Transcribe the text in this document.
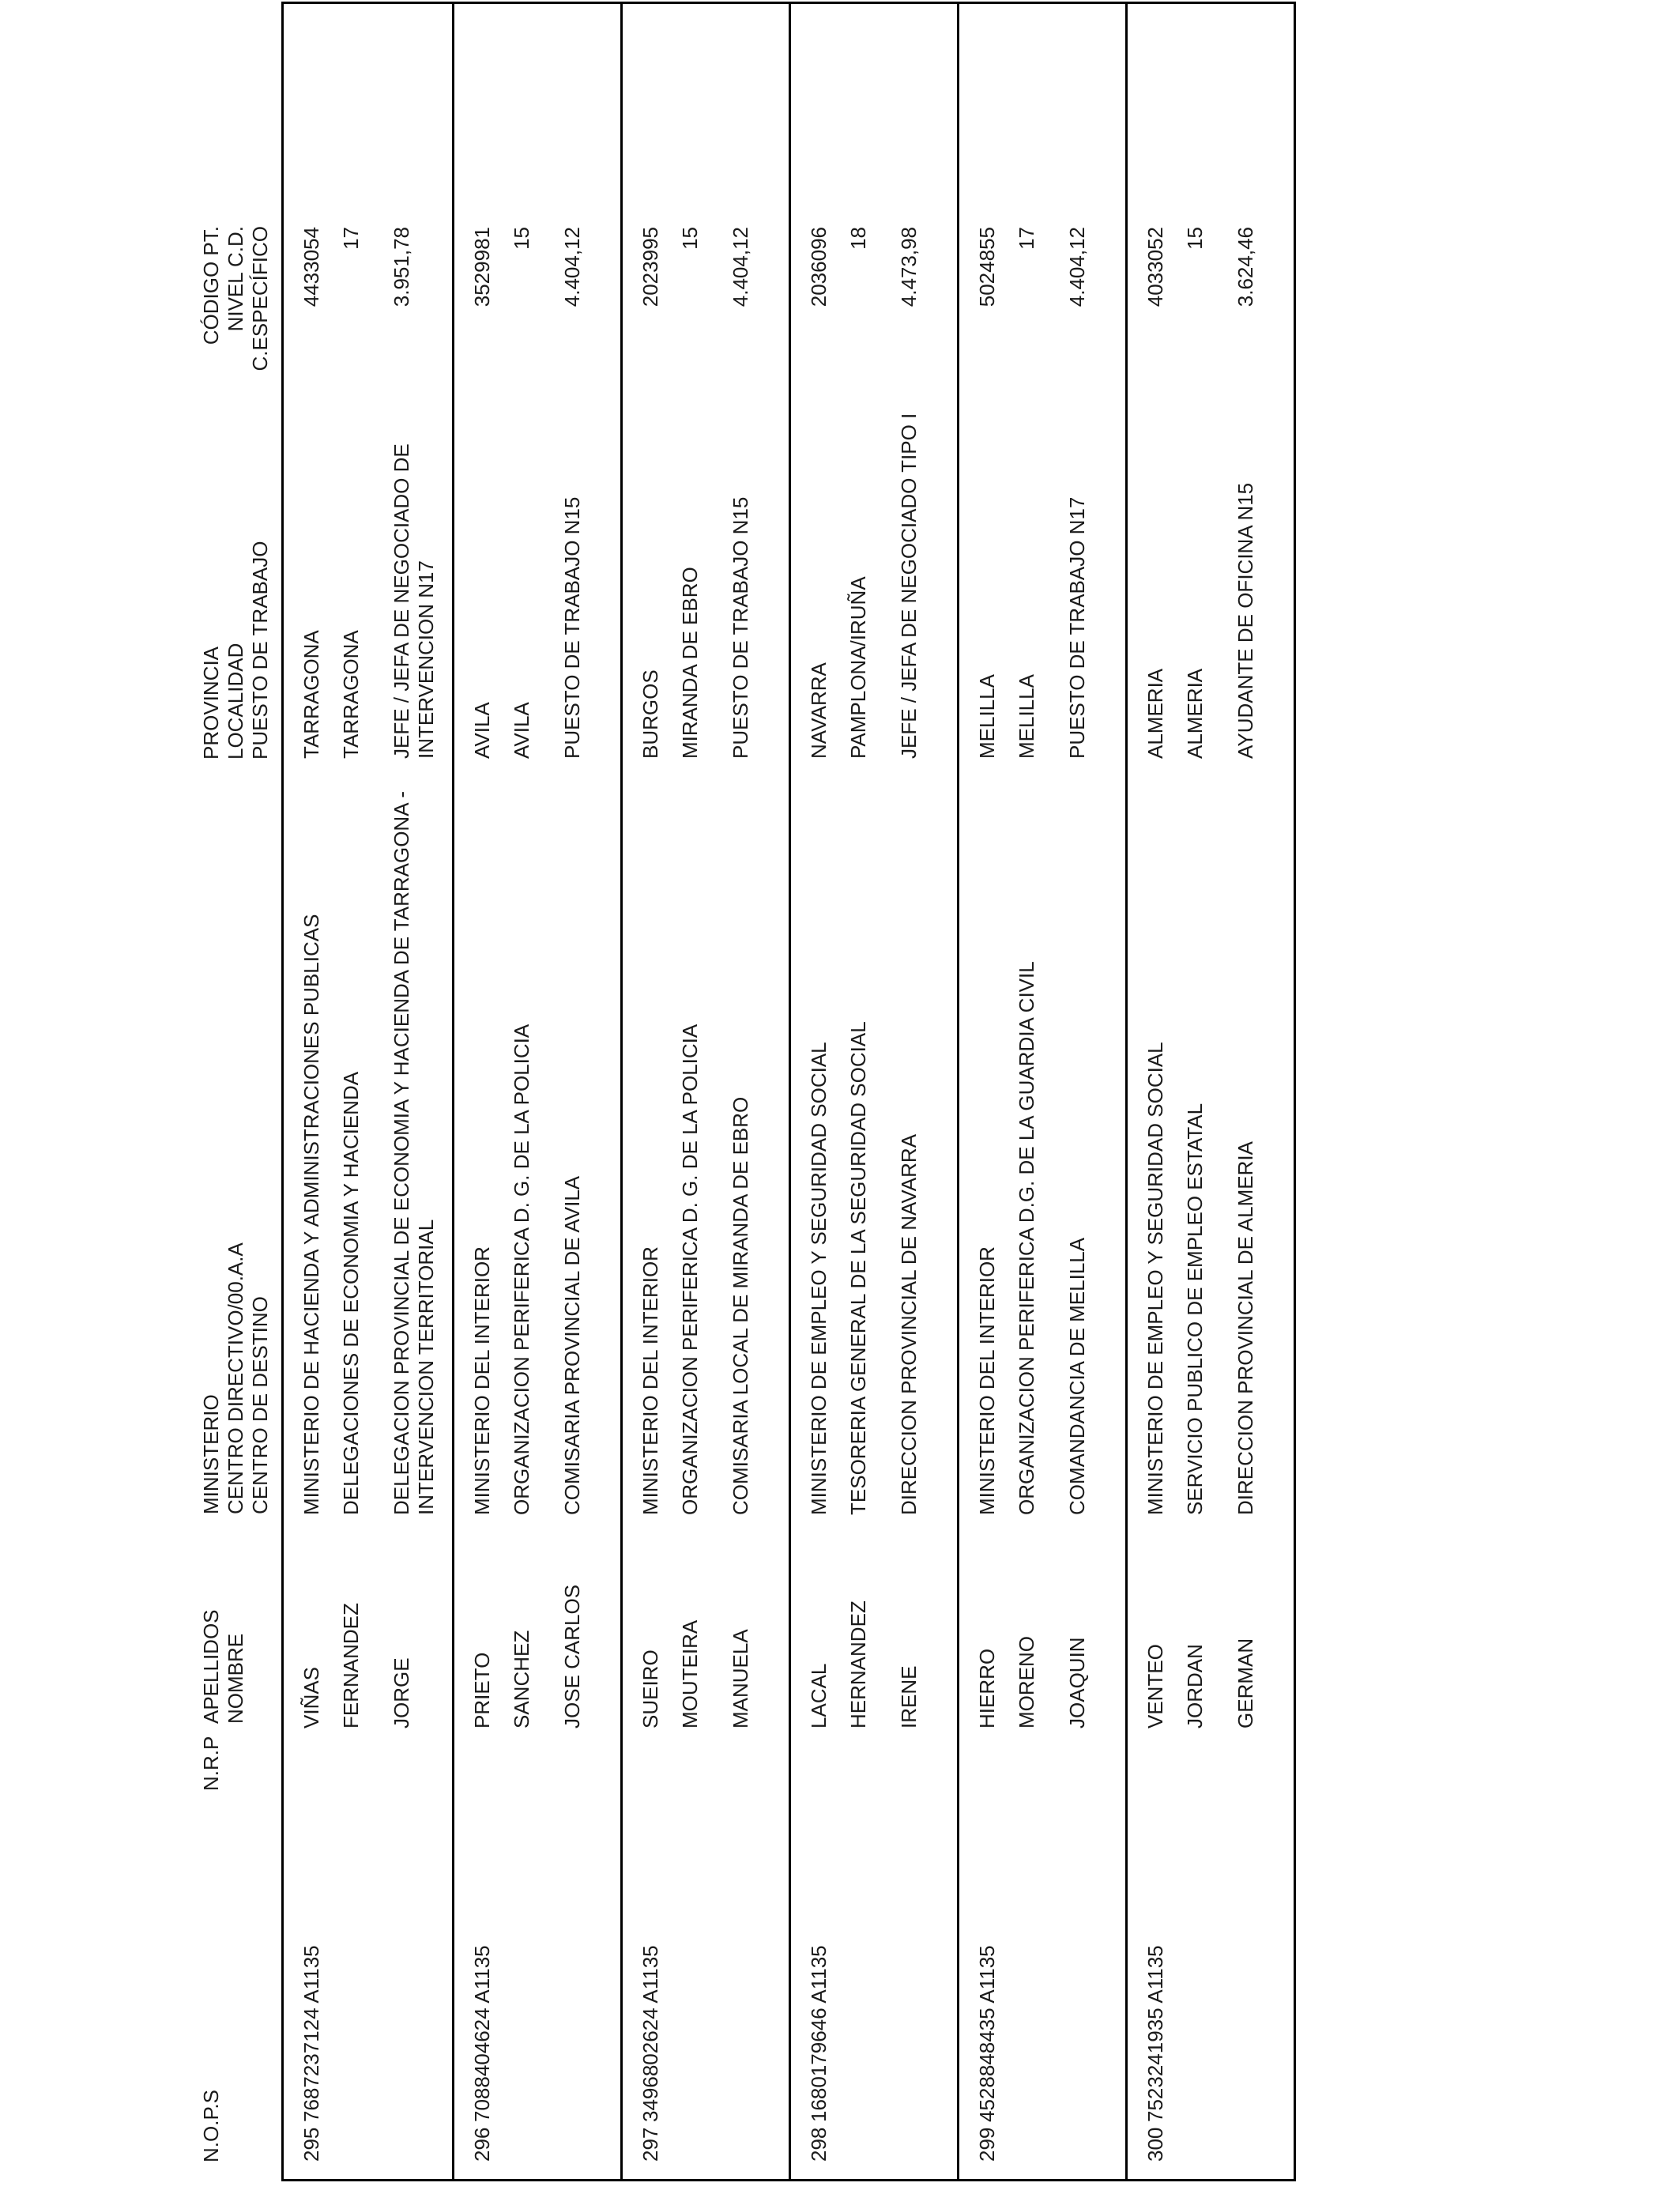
N.O.P.S

N.R.P

APELLIDOS
NOMBRE

MINISTERIO
CENTRO DIRECTIVO/00.A.A
CENTRO DE DESTINO

PROVINCIA
LOCALIDAD
PUESTO DE TRABAJO

CÓDIGO PT.
NIVEL C.D.
C.ESPECÍFICO

295

7687237124 A1135

VIÑAS FERNANDEZ JORGE

MINISTERIO DE HACIENDA Y ADMINISTRACIONES PUBLICAS DELEGACIONES DE ECONOMIA Y HACIENDA DELEGACION PROVINCIAL DE ECONOMIA Y HACIENDA DE TARRAGONA - INTERVENCION TERRITORIAL

TARRAGONA TARRAGONA JEFE / JEFA DE NEGOCIADO DE INTERVENCION N17

4433054 17 3.951,78

296

7088404624 A1135

PRIETO SANCHEZ JOSE CARLOS

MINISTERIO DEL INTERIOR ORGANIZACION PERIFERICA D. G. DE LA POLICIA COMISARIA PROVINCIAL DE AVILA

AVILA AVILA PUESTO DE TRABAJO N15

3529981 15 4.404,12

297

3496802624 A1135

SUEIRO MOUTEIRA MANUELA

MINISTERIO DEL INTERIOR ORGANIZACION PERIFERICA D. G. DE LA POLICIA COMISARIA LOCAL DE MIRANDA DE EBRO

BURGOS MIRANDA DE EBRO PUESTO DE TRABAJO N15

2023995 15 4.404,12

298

1680179646 A1135

LACAL HERNANDEZ IRENE

MINISTERIO DE EMPLEO Y SEGURIDAD SOCIAL TESORERIA GENERAL DE LA SEGURIDAD SOCIAL DIRECCION PROVINCIAL DE NAVARRA

NAVARRA PAMPLONA/IRUÑA JEFE / JEFA DE NEGOCIADO TIPO I

2036096 18 4.473,98

299

4528848435 A1135

HIERRO MORENO JOAQUIN

MINISTERIO DEL INTERIOR ORGANIZACION PERIFERICA D.G. DE LA GUARDIA CIVIL COMANDANCIA DE MELILLA

MELILLA MELILLA PUESTO DE TRABAJO N17

5024855 17 4.404,12

300

7523241935 A1135

VENTEO JORDAN GERMAN

MINISTERIO DE EMPLEO Y SEGURIDAD SOCIAL SERVICIO PUBLICO DE EMPLEO ESTATAL DIRECCION PROVINCIAL DE ALMERIA

ALMERIA ALMERIA AYUDANTE DE OFICINA N15

4033052 15 3.624,46
